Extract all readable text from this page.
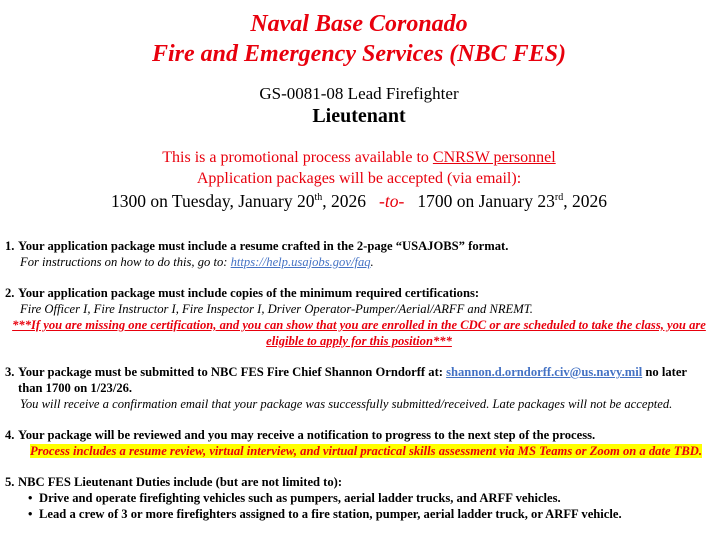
Naval Base Coronado
Fire and Emergency Services (NBC FES)
GS-0081-08 Lead Firefighter
Lieutenant
This is a promotional process available to CNRSW personnel
Application packages will be accepted (via email):
1300 on Tuesday, January 20th, 2026 -to- 1700 on January 23rd, 2026
1. Your application package must include a resume crafted in the 2-page “USAJOBS” format.
For instructions on how to do this, go to: https://help.usajobs.gov/faq.
2. Your application package must include copies of the minimum required certifications:
Fire Officer I, Fire Instructor I, Fire Inspector I, Driver Operator-Pumper/Aerial/ARFF and NREMT.
***If you are missing one certification, and you can show that you are enrolled in the CDC or are scheduled to take the class, you are
eligible to apply for this position***
3. Your package must be submitted to NBC FES Fire Chief Shannon Orndorff at: shannon.d.orndorff.civ@us.navy.mil no later than 1700 on 1/23/26.
You will receive a confirmation email that your package was successfully submitted/received. Late packages will not be accepted.
4. Your package will be reviewed and you may receive a notification to progress to the next step of the process.
Process includes a resume review, virtual interview, and virtual practical skills assessment via MS Teams or Zoom on a date TBD.
5. NBC FES Lieutenant Duties include (but are not limited to):
• Drive and operate firefighting vehicles such as pumpers, aerial ladder trucks, and ARFF vehicles.
• Lead a crew of 3 or more firefighters assigned to a fire station, pumper, aerial ladder truck, or ARFF vehicle.
